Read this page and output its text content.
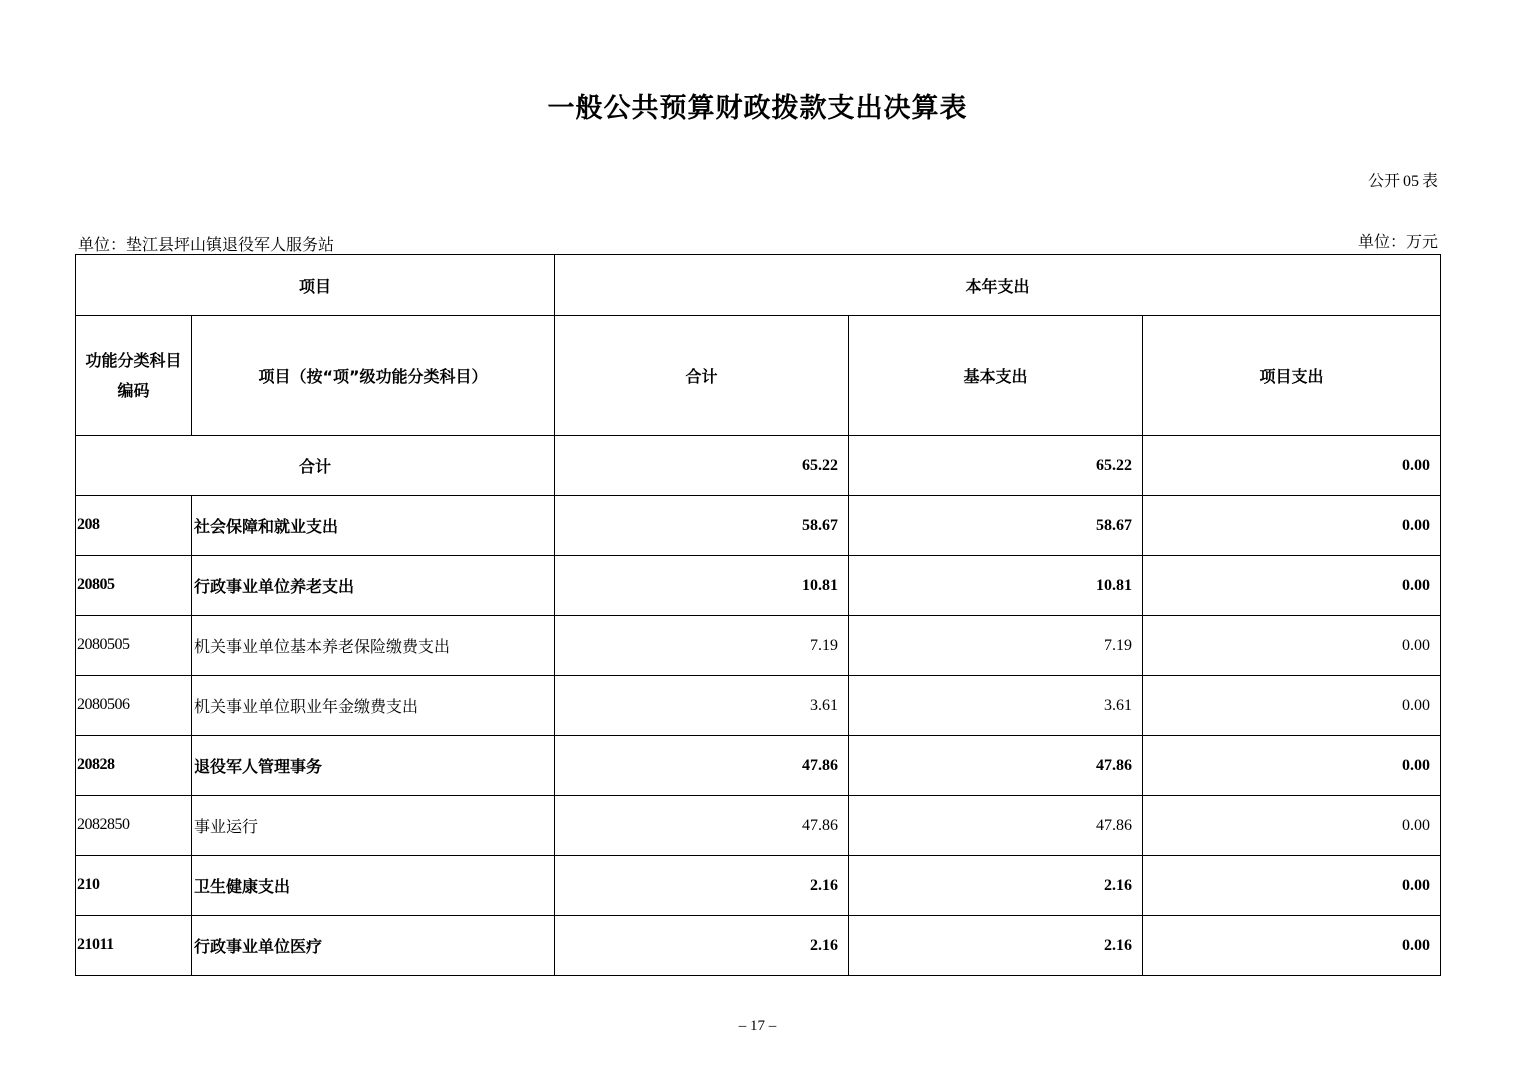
一般公共预算财政拨款支出决算表
公开 05 表
单位：垫江县坪山镇退役军人服务站	单位：万元
项目		本年支出		

功能分类科目
编码	项目（按“项”级功能分类科目）	合计	基本支出	项目支出
合计		65.22	65.22	0.00
208	社会保障和就业支出	58.67	58.67	0.00
20805	行政事业单位养老支出	10.81	10.81	0.00
2080505	机关事业单位基本养老保险缴费支出	7.19	7.19	0.00
2080506	机关事业单位职业年金缴费支出	3.61	3.61	0.00
20828	退役军人管理事务	47.86	47.86	0.00
2082850	事业运行	47.86	47.86	0.00
210	卫生健康支出	2.16	2.16	0.00
21011	行政事业单位医疗	2.16	2.16	0.00
– 17 –
